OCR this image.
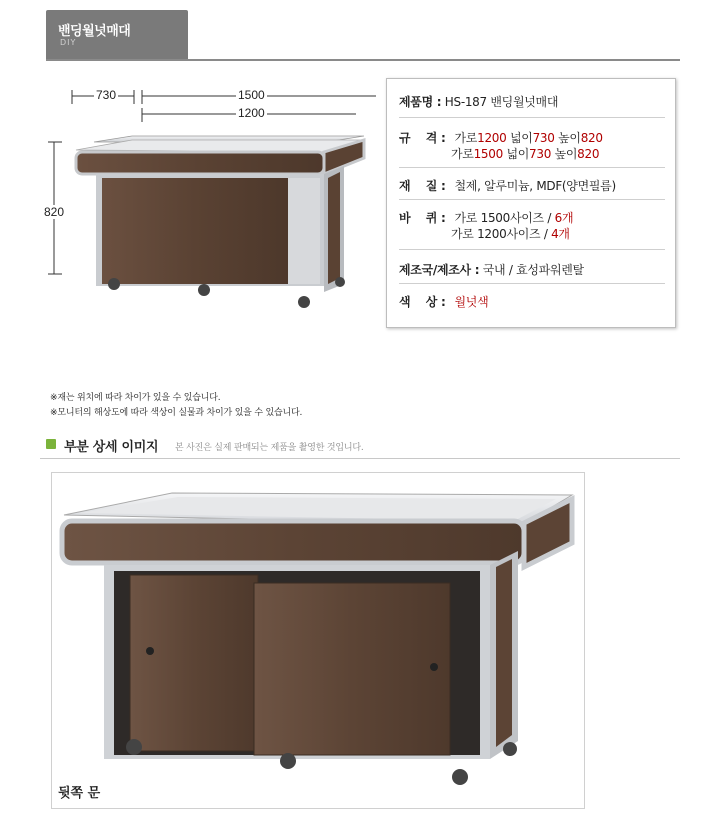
밴딩월넛매대
DIY
730	1500
1200
820
제품명 : HS-187 밴딩월넛매대
규    격 : 가로1200 넓이730 높이820
가로1500 넓이730 높이820
재    질 : 철제, 알루미늄, MDF(양면필름)
바    퀴 : 가로 1500사이즈 / 6개
가로 1200사이즈 / 4개
제조국/제조사 : 국내 / 효성파워렌탈
색    상 : 월넛색
※재는 위치에 따라 차이가 있을 수 있습니다.
※모니터의 해상도에 따라 색상이 실물과 차이가 있을 수 있습니다.
부분 상세 이미지 본 사진은 실제 판매되는 제품을 촬영한 것입니다.
뒷쪽 문
